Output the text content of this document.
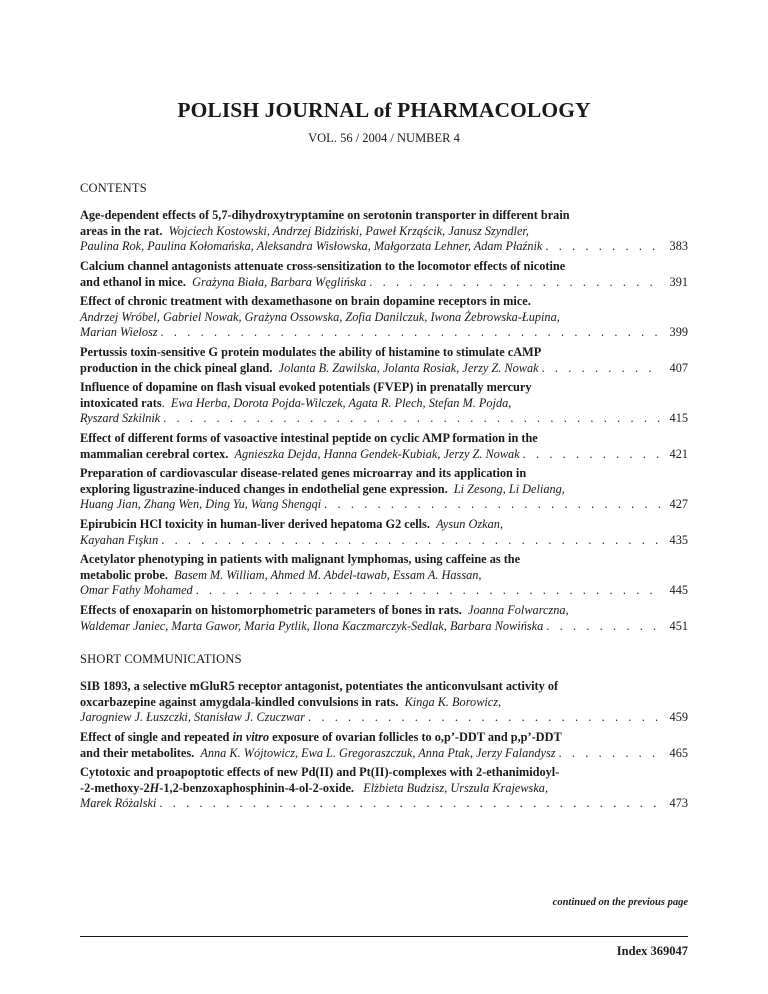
POLISH JOURNAL of PHARMACOLOGY
VOL. 56 / 2004 / NUMBER 4
CONTENTS
Age-dependent effects of 5,7-dihydroxytryptamine on serotonin transporter in different brain
areas in the rat. Wojciech Kostowski, Andrzej Bidziński, Paweł Krząścik, Janusz Szyndler,
Paulina Rok, Paulina Kołomańska, Aleksandra Wisłowska, Małgorzata Lehner, Adam Płaźnik . . .	383
Calcium channel antagonists attenuate cross-sensitization to the locomotor effects of nicotine
and ethanol in mice. Grażyna Biała, Barbara Węglińska . . .	391
Effect of chronic treatment with dexamethasone on brain dopamine receptors in mice.
Andrzej Wróbel, Gabriel Nowak, Grażyna Ossowska, Zofia Danilczuk, Iwona Żebrowska-Łupina,
Marian Wielosz . . .	399
Pertussis toxin-sensitive G protein modulates the ability of histamine to stimulate cAMP
production in the chick pineal gland. Jolanta B. Zawilska, Jolanta Rosiak, Jerzy Z. Nowak . . .	407
Influence of dopamine on flash visual evoked potentials (FVEP) in prenatally mercury
intoxicated rats.  Ewa Herba, Dorota Pojda-Wilczek, Agata R. Plech, Stefan M. Pojda,
Ryszard Szkilnik . . .	415
Effect of different forms of vasoactive intestinal peptide on cyclic AMP formation in the
mammalian cerebral cortex. Agnieszka Dejda, Hanna Gendek-Kubiak, Jerzy Z. Nowak . . .	421
Preparation of cardiovascular disease-related genes microarray and its application in
exploring ligustrazine-induced changes in endothelial gene expression. Li Zesong, Li Deliang,
Huang Jian, Zhang Wen, Ding Yu, Wang Shengqi . . .	427
Epirubicin HCl toxicity in human-liver derived hepatoma G2 cells. Aysun Ozkan,
Kayahan Fışkın . . .	435
Acetylator phenotyping in patients with malignant lymphomas, using caffeine as the
metabolic probe. Basem M. William, Ahmed M. Abdel-tawab, Essam A. Hassan,
Omar Fathy Mohamed . . .	445
Effects of enoxaparin on histomorphometric parameters of bones in rats. Joanna Folwarczna,
Waldemar Janiec, Marta Gawor, Maria Pytlik, Ilona Kaczmarczyk-Sedlak, Barbara Nowińska . . .	451
SHORT COMMUNICATIONS
SIB 1893, a selective mGluR5 receptor antagonist, potentiates the anticonvulsant activity of
oxcarbazepine against amygdala-kindled convulsions in rats. Kinga K. Borowicz,
Jarogniew J. Łuszczki, Stanisław J. Czuczwar . . .	459
Effect of single and repeated in vitro exposure of ovarian follicles to o,p’-DDT and p,p’-DDT
and their metabolites. Anna K. Wójtowicz, Ewa L. Gregoraszczuk, Anna Ptak, Jerzy Falandysz . . .	465
Cytotoxic and proapoptotic effects of new Pd(II) and Pt(II)-complexes with 2-ethanimidoyl-
-2-methoxy-2H-1,2-benzoxaphosphinin-4-ol-2-oxide. Elżbieta Budzisz, Urszula Krajewska,
Marek Różalski . . .	473
continued on the previous page
Index 369047
